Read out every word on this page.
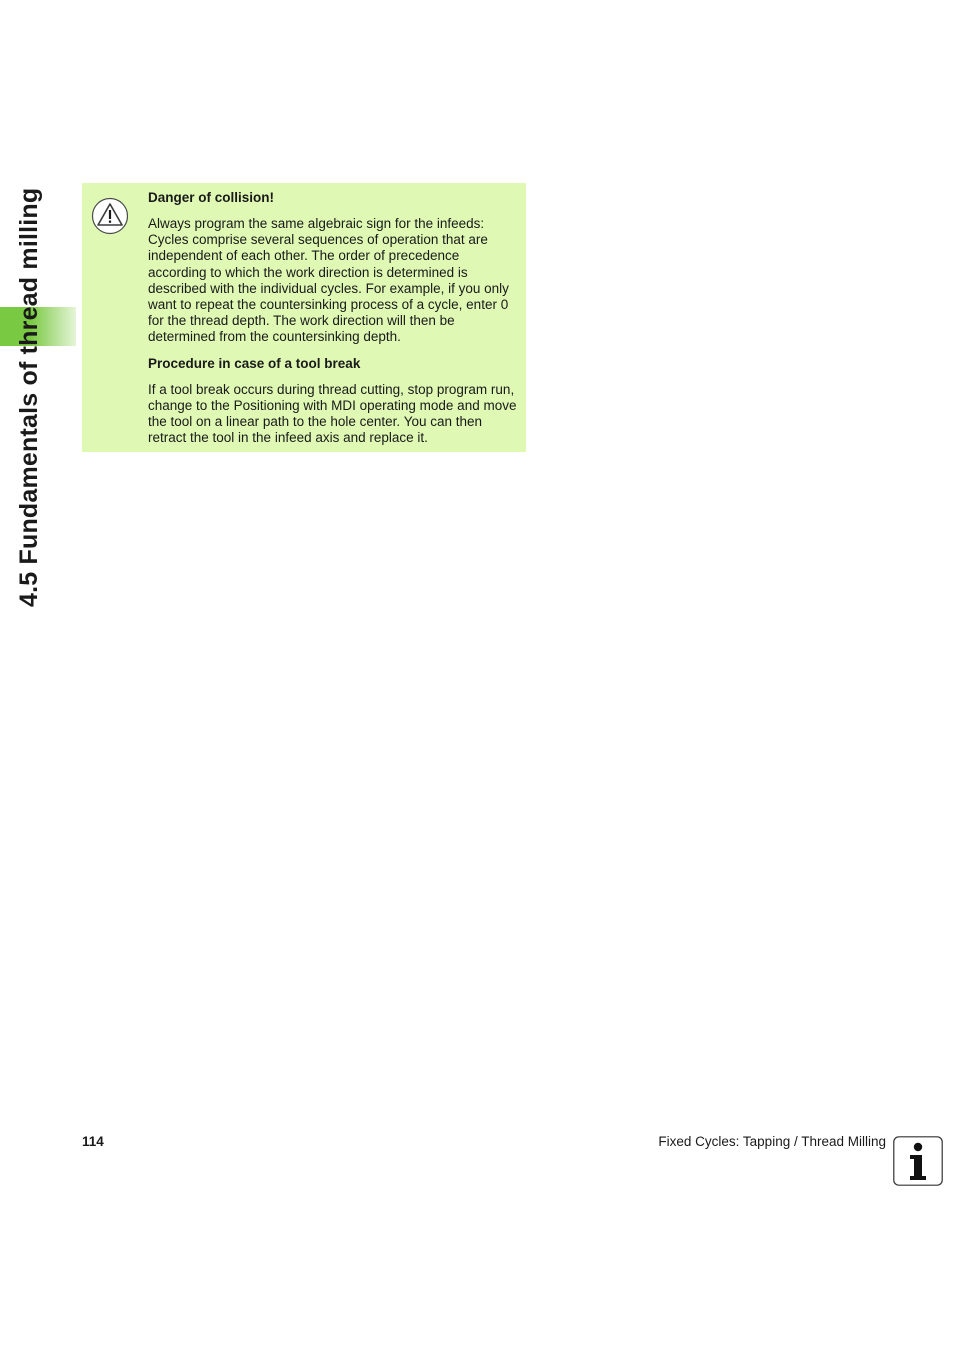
4.5 Fundamentals of thread milling	Danger of collision!

Always program the same algebraic sign for the infeeds: Cycles comprise several sequences of operation that are independent of each other. The order of precedence according to which the work direction is determined is described with the individual cycles. For example, if you only want to repeat the countersinking process of a cycle, enter 0 for the thread depth. The work direction will then be determined from the countersinking depth.

Procedure in case of a tool break

If a tool break occurs during thread cutting, stop program run, change to the Positioning with MDI operating mode and move the tool on a linear path to the hole center. You can then retract the tool in the infeed axis and replace it.

114	Fixed Cycles: Tapping / Thread Milling
